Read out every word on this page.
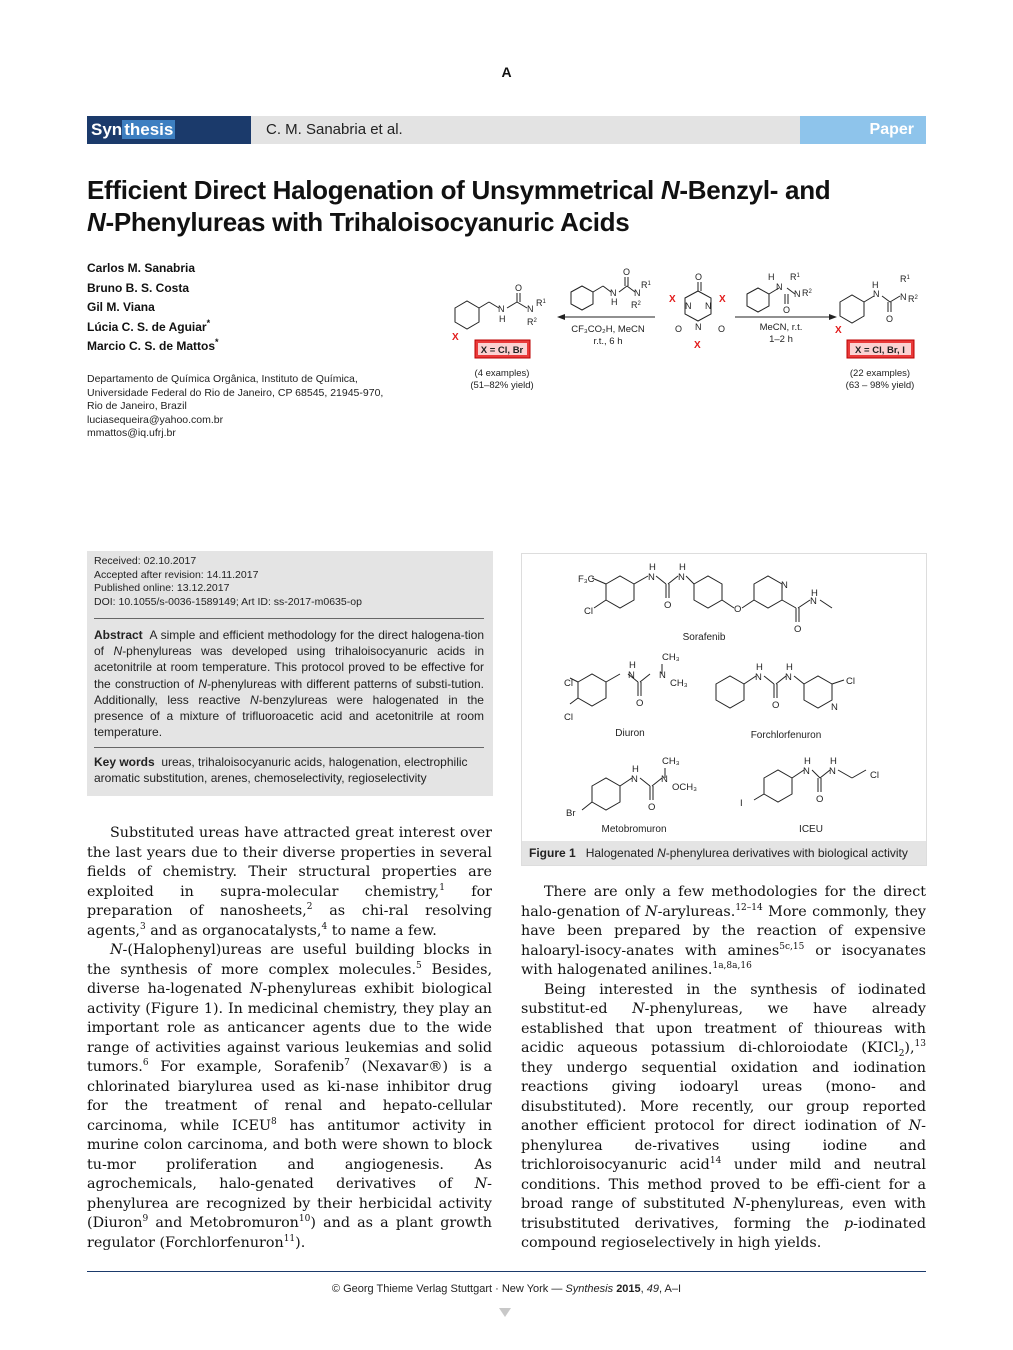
A
Syn thesis	C. M. Sanabria et al.	Paper
Efficient Direct Halogenation of Unsymmetrical N-Benzyl- and
N-Phenylureas with Trihaloisocyanuric Acids
Carlos M. Sanabria
Bruno B. S. Costa
Gil M. Viana
Lúcia C. S. de Aguiar*
Marcio C. S. de Mattos*
Departamento de Química Orgânica, Instituto de Química,
Universidade Federal do Rio de Janeiro, CP 68545, 21945-970,
Rio de Janeiro, Brazil
luciasequeira@yahoo.com.br
mmattos@iq.ufrj.br
N
H
O
N
$R^1$
$R^2$
N
H
O
N
$R^1$
$R^2$
O
N N
N
O	O
H
N
$R^1$
N $R^2$
O
H
N
$R^1$
N $R^2$
O
X
X	X
X
X
CF₃CO₂H, MeCN
r.t., 6 h
MeCN, r.t.
1–2 h
(4 examples)
(51–82% yield)
(22 examples)
(63 – 98% yield)
X = Cl, Br	X = Cl, Br, I
Received: 02.10.2017
Accepted after revision: 14.11.2017
Published online: 13.12.2017
DOI: 10.1055/s-0036-1589149; Art ID: ss-2017-m0635-op
Abstract A simple and efficient methodology for the direct halogena-tion of N-phenylureas was developed using trihaloisocyanuric acids in acetonitrile at room temperature. This protocol proved to be effective for the construction of N-phenylureas with different patterns of substi-tution. Additionally, less reactive N-benzylureas were halogenated in the presence of a mixture of trifluoroacetic acid and acetonitrile at room temperature.
Key words ureas, trihaloisocyanuric acids, halogenation, electrophilic aromatic substitution, arenes, chemoselectivity, regioselectivity
F₃C
Cl
H
N
H
N
O	O
N
O
H
N
Cl
Cl
H
N
O
N
CH₃
CH₃
H
N
H
N
O
Cl
N
Br
H
N
O
N
CH₃
OCH₃
I
H
N
H
N
O
Cl
Sorafenib
Diuron	Forchlorfenuron
Metobromuron	ICEU
Figure 1 Halogenated N-phenylurea derivatives with biological activity

Substituted ureas have attracted great interest over the last years due to their diverse properties in several fields of chemistry. Their structural properties are exploited in supra-molecular chemistry,$^1$ for preparation of nanosheets,$^2$ as chi-ral resolving agents,$^3$ and as organocatalysts,$^4$ to name a few.

N-(Halophenyl)ureas are useful building blocks in the synthesis of more complex molecules.$^5$ Besides, diverse ha-logenated N-phenylureas exhibit biological activity (Figure 1). In medicinal chemistry, they play an important role as anticancer agents due to the wide range of activities against various leukemias and solid tumors.$^6$ For example, Sorafenib$^7$ (Nexavar®) is a chlorinated biarylurea used as ki-nase inhibitor drug for the treatment of renal and hepato-cellular carcinoma, while ICEU$^8$ has antitumor activity in murine colon carcinoma, and both were shown to block tu-mor proliferation and angiogenesis. As agrochemicals, halo-genated derivatives of N-phenylurea are recognized by their herbicidal activity (Diuron$^9$ and Metobromuron$^{10}$) and as a plant growth regulator (Forchlorfenuron$^{11}$).

There are only a few methodologies for the direct halo-genation of N-arylureas.$^{12-14}$ More commonly, they have been prepared by the reaction of expensive haloaryl-isocy-anates with amines$^{5c,15}$ or isocyanates with halogenated anilines.$^{1a,8a,16}$

Being interested in the synthesis of iodinated substitut-ed N-phenylureas, we have already established that upon treatment of thioureas with acidic aqueous potassium di-chloroiodate (KICl$_2$),$^{13}$ they undergo sequential oxidation and iodination reactions giving iodoaryl ureas (mono- and disubstituted). More recently, our group reported another efficient protocol for direct iodination of N-phenylurea de-rivatives using iodine and trichloroisocyanuric acid$^{14}$ under mild and neutral conditions. This method proved to be effi-cient for a broad range of substituted N-phenylureas, even with trisubstituted derivatives, forming the p-iodinated compound regioselectively in high yields.

© Georg Thieme Verlag Stuttgart · New York — Synthesis 2015, 49, A–I
